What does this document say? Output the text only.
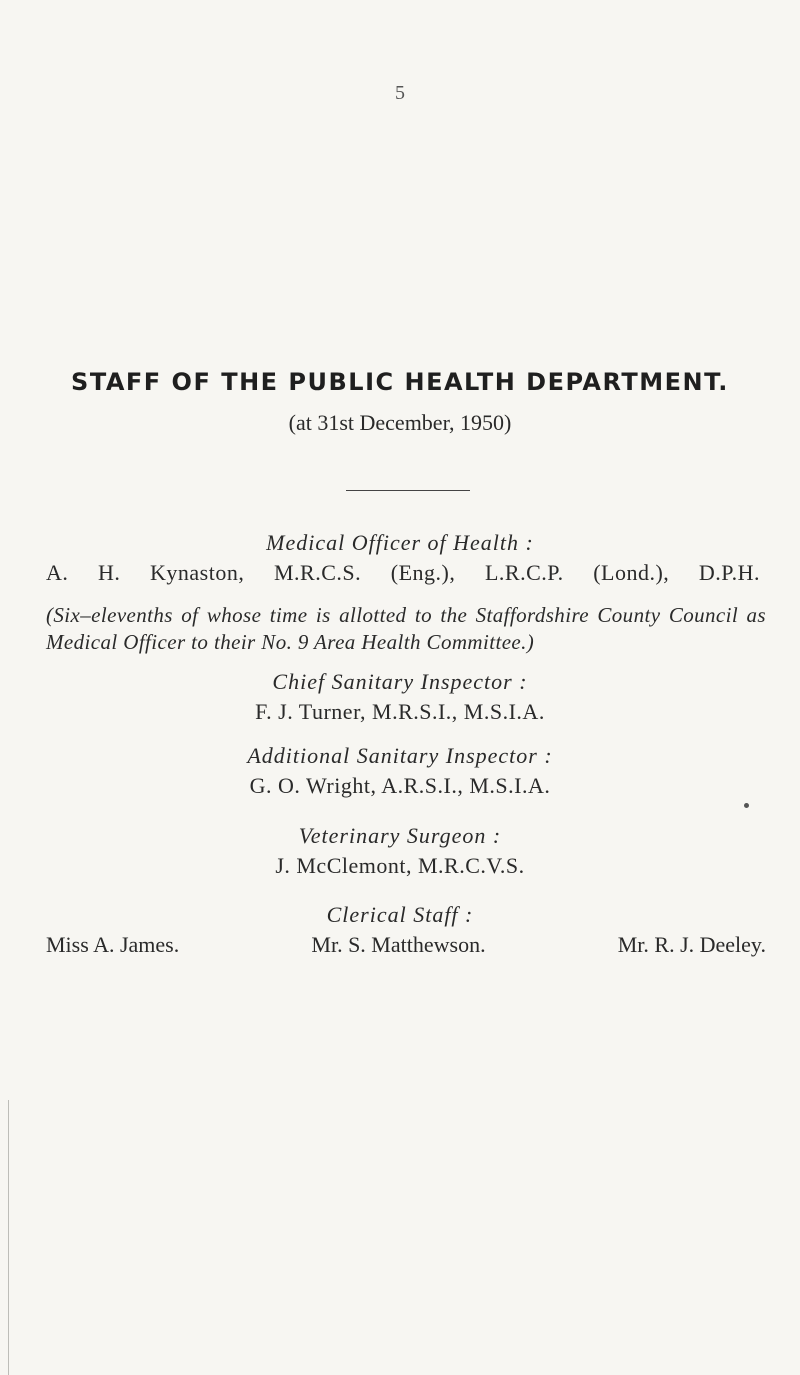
5
STAFF OF THE PUBLIC HEALTH DEPARTMENT.
(at 31st December, 1950)
Medical Officer of Health :
A. H. Kynaston, M.R.C.S. (Eng.), L.R.C.P. (Lond.), D.P.H.
(Six–elevenths of whose time is allotted to the Staffordshire County Council as Medical Officer to their No. 9 Area Health Committee.)
Chief Sanitary Inspector :
F. J. Turner, M.R.S.I., M.S.I.A.
Additional Sanitary Inspector :
G. O. Wright, A.R.S.I., M.S.I.A.
Veterinary Surgeon :
J. McClemont, M.R.C.V.S.
Clerical Staff :
Miss A. James.	Mr. S. Matthewson.	Mr. R. J. Deeley.
